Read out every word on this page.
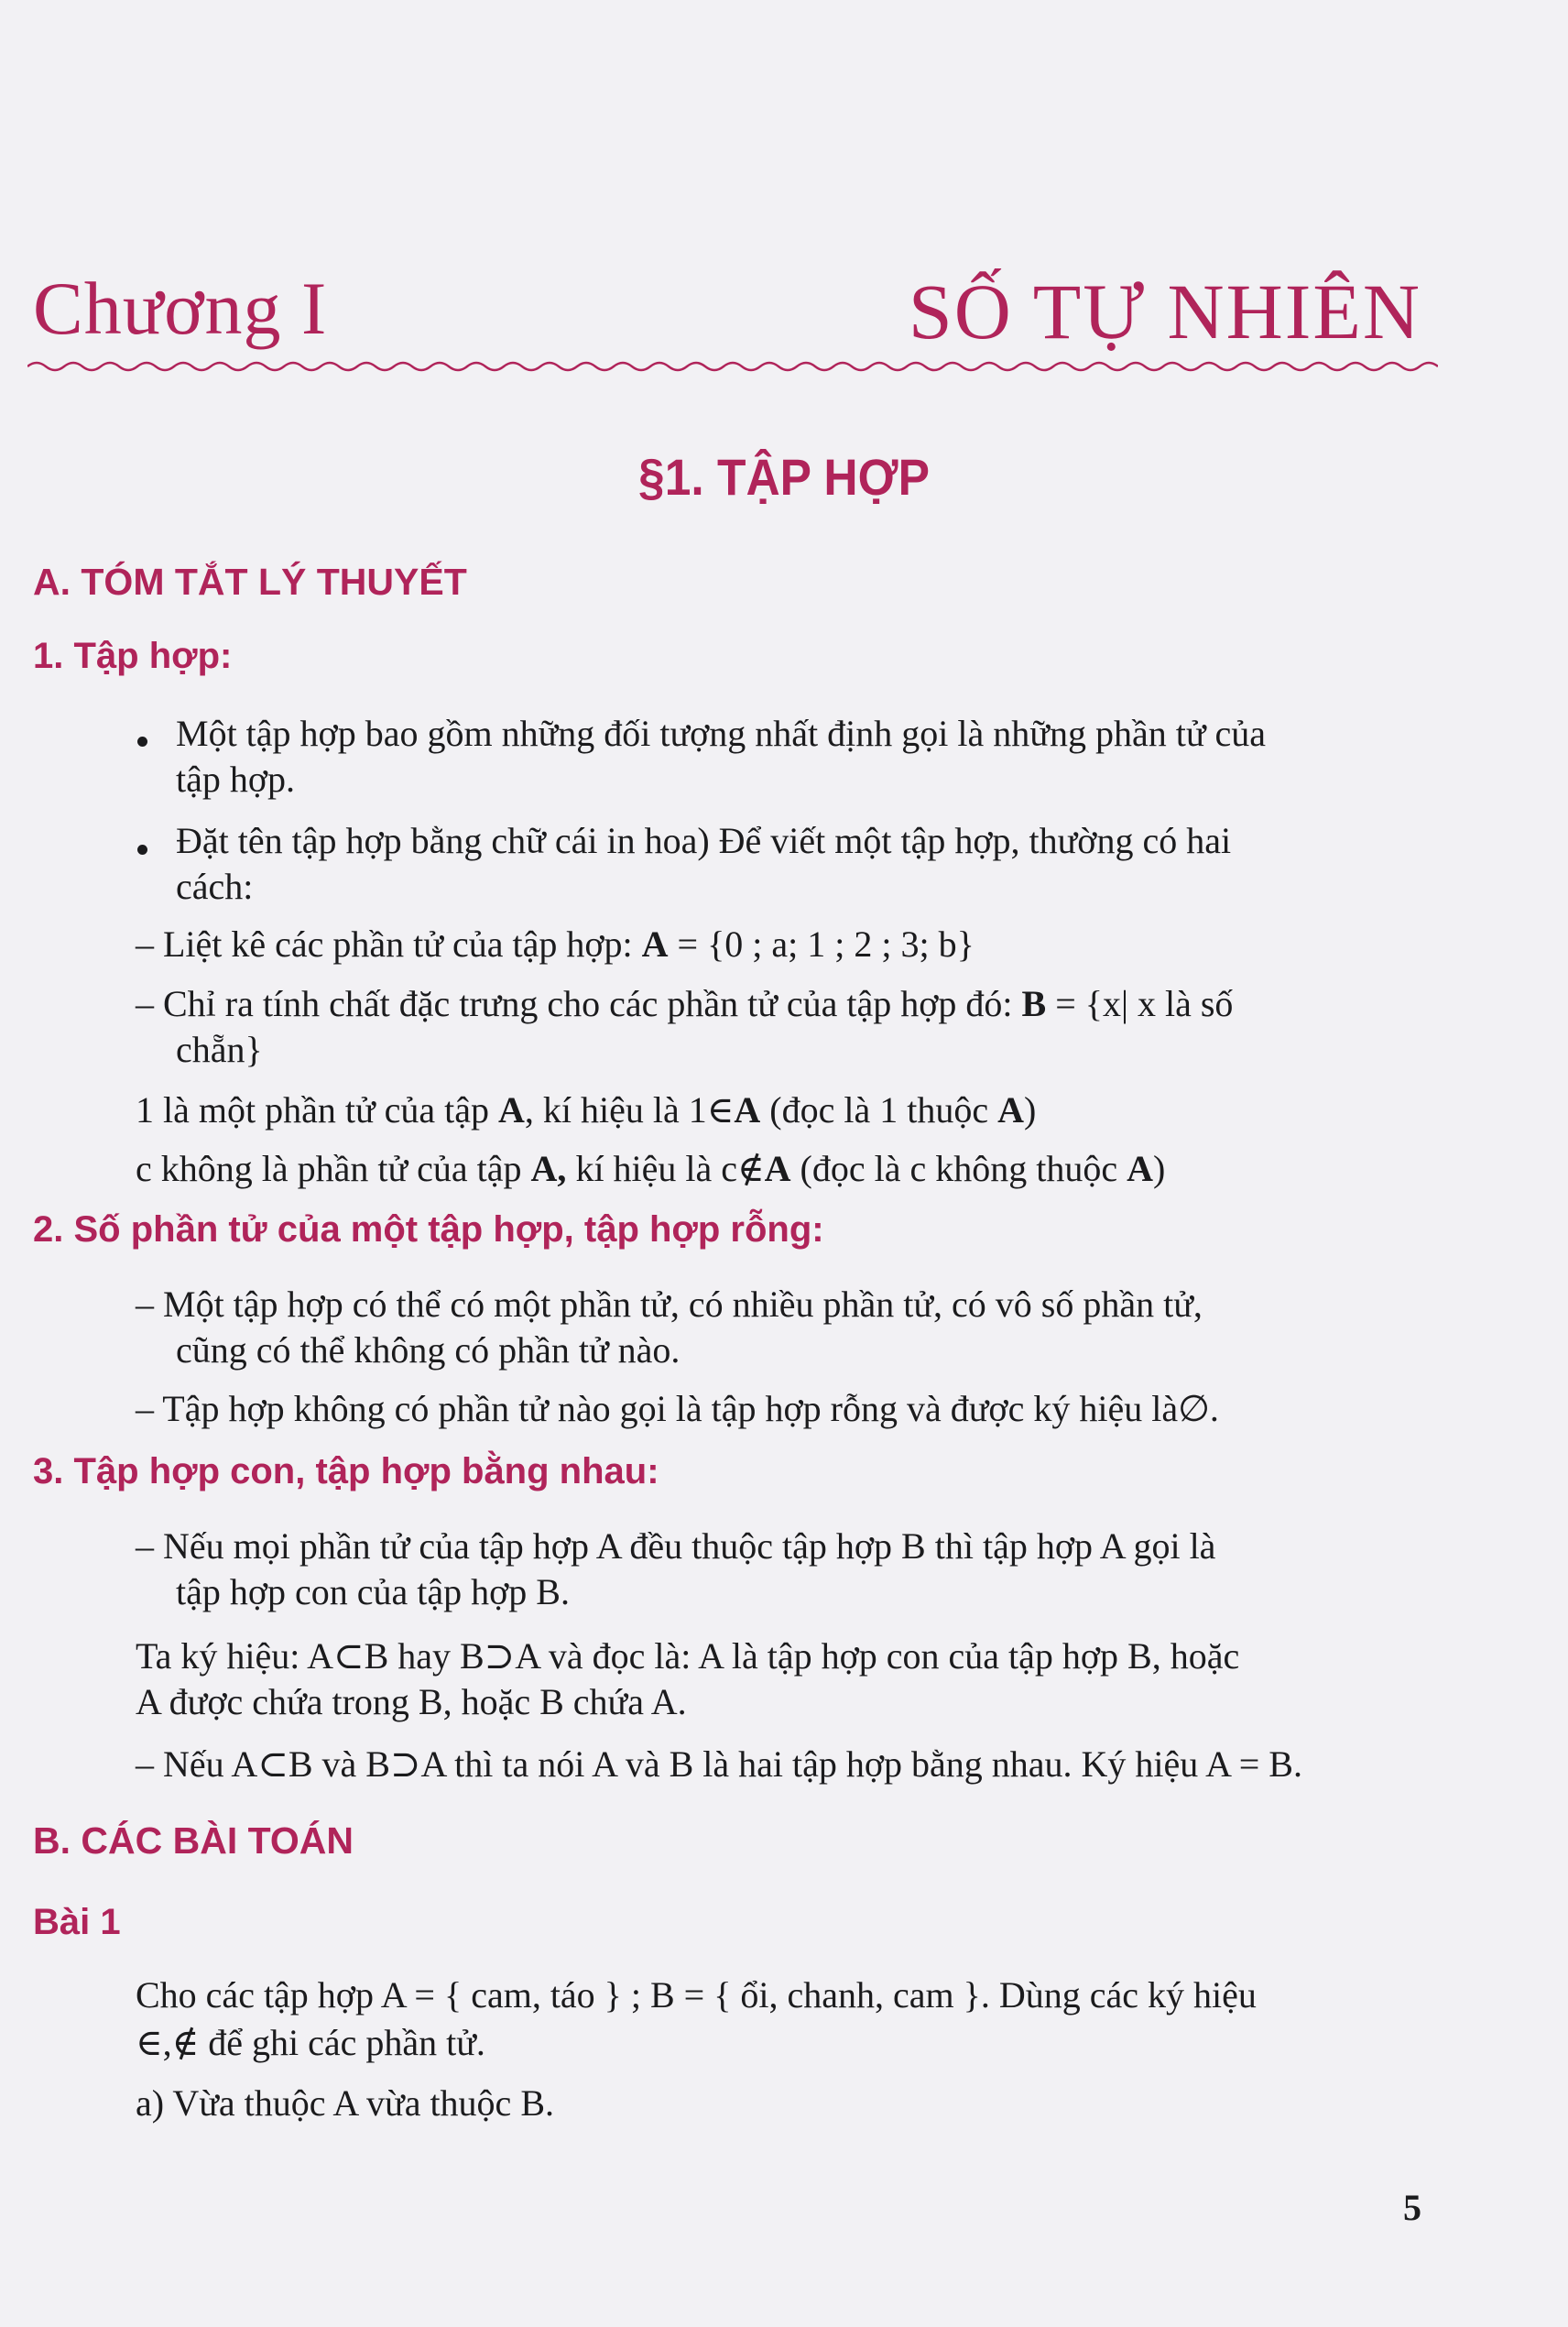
Chương I	SỐ TỰ NHIÊN
§1. TẬP HỢP
A. TÓM TẮT LÝ THUYẾT
1. Tập hợp:
Một tập hợp bao gồm những đối tượng nhất định gọi là những phần tử của
tập hợp.
Đặt tên tập hợp bằng chữ cái in hoa) Để viết một tập hợp, thường có hai
cách:
– Liệt kê các phần tử của tập hợp: A = {0 ; a; 1 ; 2 ; 3; b}
– Chỉ ra tính chất đặc trưng cho các phần tử của tập hợp đó: B = {x| x là số
chẵn}
1 là một phần tử của tập A, kí hiệu là 1∈A (đọc là 1 thuộc A)
c không là phần tử của tập A, kí hiệu là c∉A (đọc là c không thuộc A)
2. Số phần tử của một tập hợp, tập hợp rỗng:
– Một tập hợp có thể có một phần tử, có nhiều phần tử, có vô số phần tử,
cũng có thể không có phần tử nào.
– Tập hợp không có phần tử nào gọi là tập hợp rỗng và được ký hiệu là∅.
3. Tập hợp con, tập hợp bằng nhau:
– Nếu mọi phần tử của tập hợp A đều thuộc tập hợp B thì tập hợp A gọi là
tập hợp con của tập hợp B.
Ta ký hiệu: A⊂B hay B⊃A và đọc là: A là tập hợp con của tập hợp B, hoặc
A được chứa trong B, hoặc B chứa A.
– Nếu A⊂B và B⊃A thì ta nói A và B là hai tập hợp bằng nhau. Ký hiệu A = B.
B. CÁC BÀI TOÁN
Bài 1
Cho các tập hợp A = { cam, táo } ; B = { ổi, chanh, cam }. Dùng các ký hiệu
∈,∉ để ghi các phần tử.
a) Vừa thuộc A vừa thuộc B.
5
